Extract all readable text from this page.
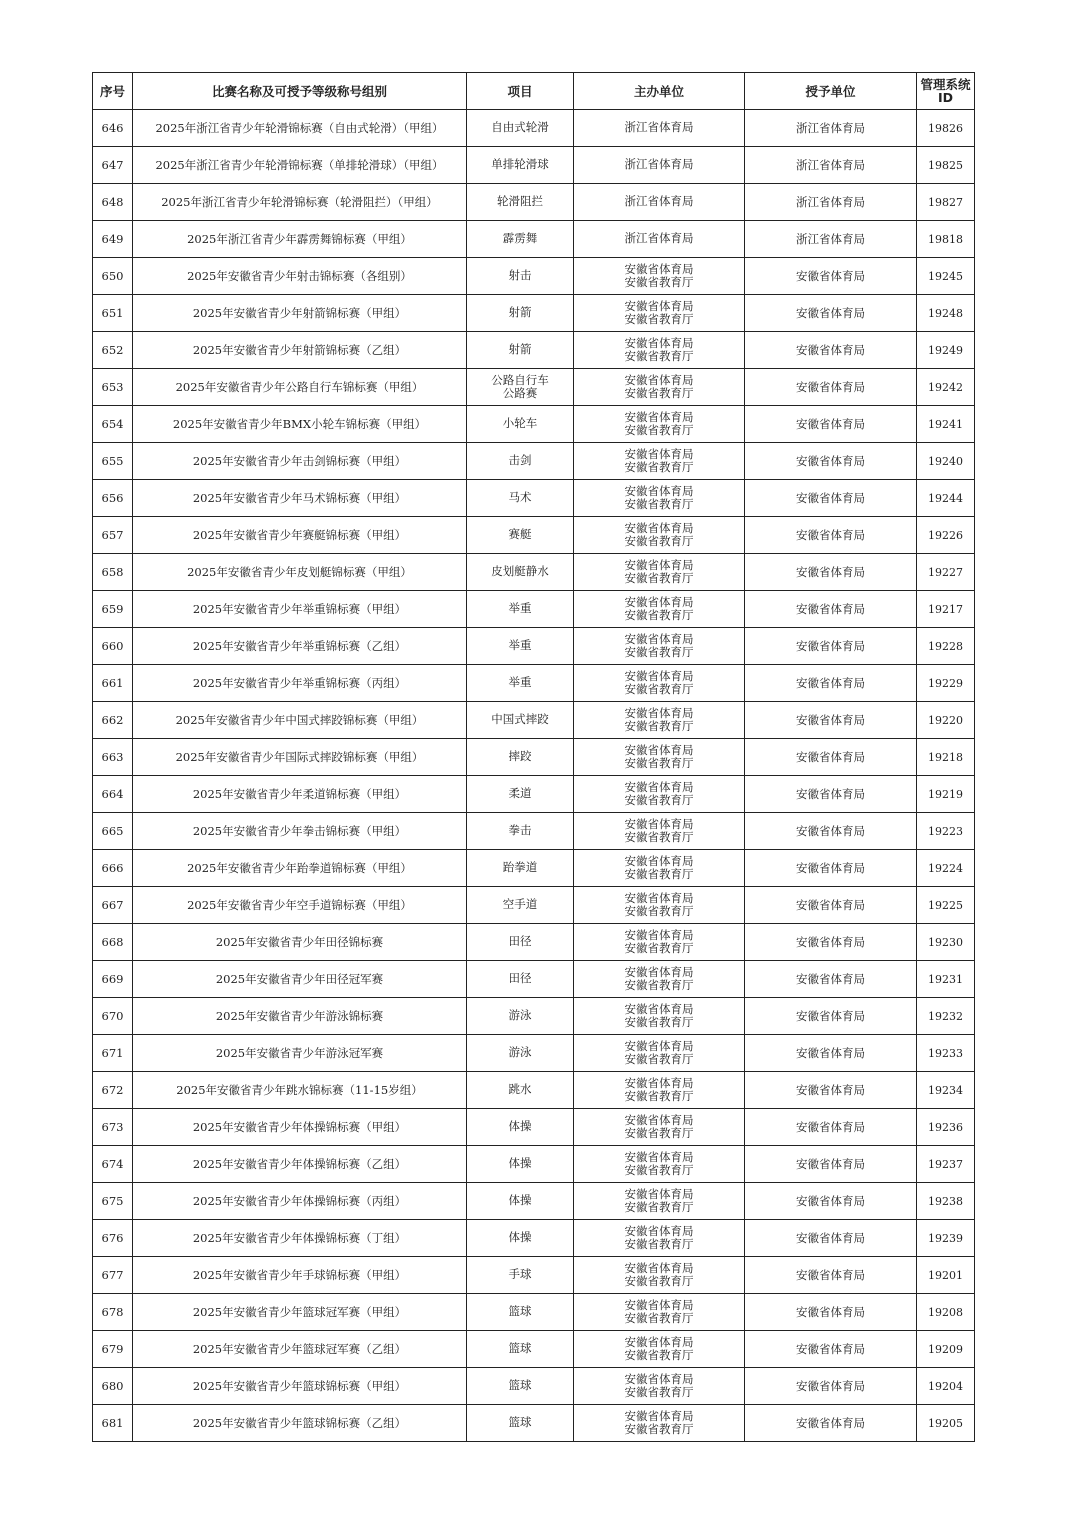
序号	比赛名称及可授予等级称号组别	项目	主办单位	授予单位	管理系统
ID

646	2025年浙江省青少年轮滑锦标赛（自由式轮滑）（甲组）	自由式轮滑	浙江省体育局	浙江省体育局	19826
647	2025年浙江省青少年轮滑锦标赛（单排轮滑球）（甲组）	单排轮滑球	浙江省体育局	浙江省体育局	19825
648	2025年浙江省青少年轮滑锦标赛（轮滑阻拦）（甲组）	轮滑阻拦	浙江省体育局	浙江省体育局	19827
649	2025年浙江省青少年霹雳舞锦标赛（甲组）	霹雳舞	浙江省体育局	浙江省体育局	19818
650	2025年安徽省青少年射击锦标赛（各组别）	射击	安徽省体育局
安徽省教育厅	安徽省体育局	19245
651	2025年安徽省青少年射箭锦标赛（甲组）	射箭	安徽省体育局
安徽省教育厅	安徽省体育局	19248
652	2025年安徽省青少年射箭锦标赛（乙组）	射箭	安徽省体育局
安徽省教育厅	安徽省体育局	19249
653	2025年安徽省青少年公路自行车锦标赛（甲组）	公路自行车
公路赛	安徽省体育局
安徽省教育厅	安徽省体育局	19242
654	2025年安徽省青少年BMX小轮车锦标赛（甲组）	小轮车	安徽省体育局
安徽省教育厅	安徽省体育局	19241
655	2025年安徽省青少年击剑锦标赛（甲组）	击剑	安徽省体育局
安徽省教育厅	安徽省体育局	19240
656	2025年安徽省青少年马术锦标赛（甲组）	马术	安徽省体育局
安徽省教育厅	安徽省体育局	19244
657	2025年安徽省青少年赛艇锦标赛（甲组）	赛艇	安徽省体育局
安徽省教育厅	安徽省体育局	19226
658	2025年安徽省青少年皮划艇锦标赛（甲组）	皮划艇静水	安徽省体育局
安徽省教育厅	安徽省体育局	19227
659	2025年安徽省青少年举重锦标赛（甲组）	举重	安徽省体育局
安徽省教育厅	安徽省体育局	19217
660	2025年安徽省青少年举重锦标赛（乙组）	举重	安徽省体育局
安徽省教育厅	安徽省体育局	19228
661	2025年安徽省青少年举重锦标赛（丙组）	举重	安徽省体育局
安徽省教育厅	安徽省体育局	19229
662	2025年安徽省青少年中国式摔跤锦标赛（甲组）	中国式摔跤	安徽省体育局
安徽省教育厅	安徽省体育局	19220
663	2025年安徽省青少年国际式摔跤锦标赛（甲组）	摔跤	安徽省体育局
安徽省教育厅	安徽省体育局	19218
664	2025年安徽省青少年柔道锦标赛（甲组）	柔道	安徽省体育局
安徽省教育厅	安徽省体育局	19219
665	2025年安徽省青少年拳击锦标赛（甲组）	拳击	安徽省体育局
安徽省教育厅	安徽省体育局	19223
666	2025年安徽省青少年跆拳道锦标赛（甲组）	跆拳道	安徽省体育局
安徽省教育厅	安徽省体育局	19224
667	2025年安徽省青少年空手道锦标赛（甲组）	空手道	安徽省体育局
安徽省教育厅	安徽省体育局	19225
668	2025年安徽省青少年田径锦标赛	田径	安徽省体育局
安徽省教育厅	安徽省体育局	19230
669	2025年安徽省青少年田径冠军赛	田径	安徽省体育局
安徽省教育厅	安徽省体育局	19231
670	2025年安徽省青少年游泳锦标赛	游泳	安徽省体育局
安徽省教育厅	安徽省体育局	19232
671	2025年安徽省青少年游泳冠军赛	游泳	安徽省体育局
安徽省教育厅	安徽省体育局	19233
672	2025年安徽省青少年跳水锦标赛（11-15岁组）	跳水	安徽省体育局
安徽省教育厅	安徽省体育局	19234
673	2025年安徽省青少年体操锦标赛（甲组）	体操	安徽省体育局
安徽省教育厅	安徽省体育局	19236
674	2025年安徽省青少年体操锦标赛（乙组）	体操	安徽省体育局
安徽省教育厅	安徽省体育局	19237
675	2025年安徽省青少年体操锦标赛（丙组）	体操	安徽省体育局
安徽省教育厅	安徽省体育局	19238
676	2025年安徽省青少年体操锦标赛（丁组）	体操	安徽省体育局
安徽省教育厅	安徽省体育局	19239
677	2025年安徽省青少年手球锦标赛（甲组）	手球	安徽省体育局
安徽省教育厅	安徽省体育局	19201
678	2025年安徽省青少年篮球冠军赛（甲组）	篮球	安徽省体育局
安徽省教育厅	安徽省体育局	19208
679	2025年安徽省青少年篮球冠军赛（乙组）	篮球	安徽省体育局
安徽省教育厅	安徽省体育局	19209
680	2025年安徽省青少年篮球锦标赛（甲组）	篮球	安徽省体育局
安徽省教育厅	安徽省体育局	19204
681	2025年安徽省青少年篮球锦标赛（乙组）	篮球	安徽省体育局
安徽省教育厅	安徽省体育局	19205
